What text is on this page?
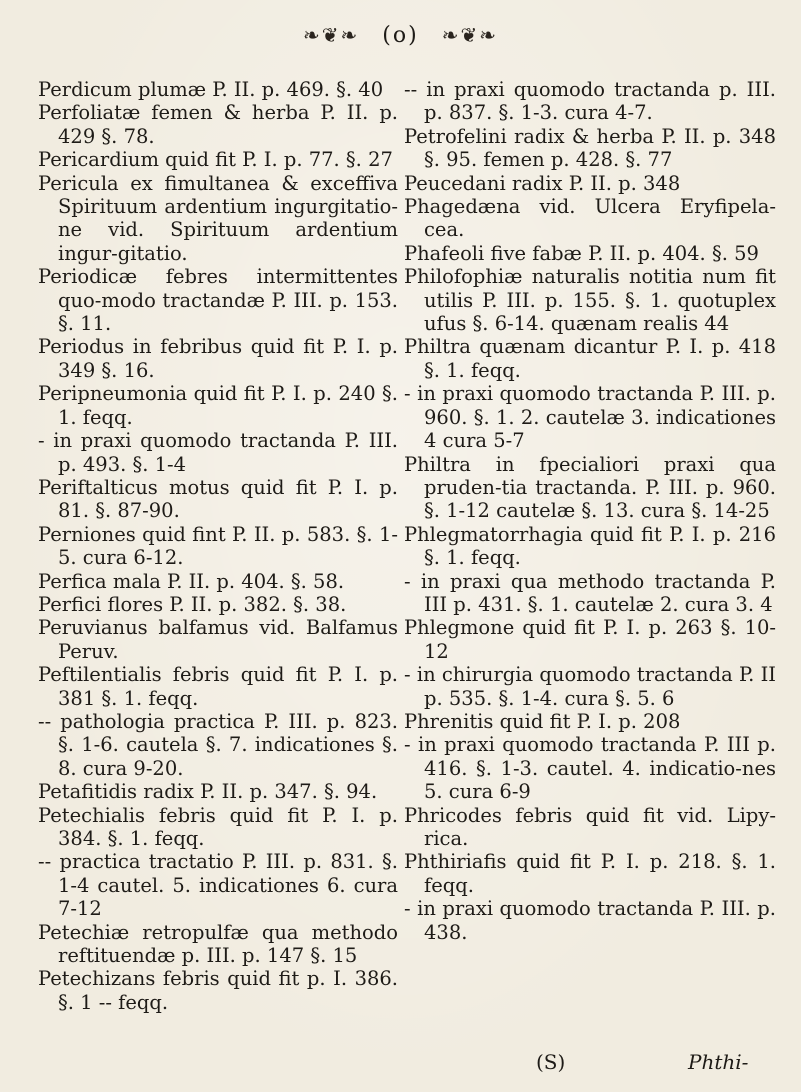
❧❦❧ (o) ❧❦❧

Perdicum plumæ P. II. p. 469. §. 40

Perfoliatæ femen & herba P. II. p. 429 §. 78.

Pericardium quid fit P. I. p. 77. §. 27

Pericula ex fimultanea & exceffiva Spirituum ardentium ingurgitatio-ne vid. Spirituum ardentium ingur-gitatio.

Periodicæ febres intermittentes quo-modo tractandæ P. III. p. 153. §. 11.

Periodus in febribus quid fit P. I. p. 349 §. 16.

Peripneumonia quid fit P. I. p. 240 §. 1. feqq.

- in praxi quomodo tractanda P. III. p. 493. §. 1-4

Periftalticus motus quid fit P. I. p. 81. §. 87-90.

Perniones quid fint P. II. p. 583. §. 1-5. cura 6-12.

Perfica mala P. II. p. 404. §. 58.

Perfici flores P. II. p. 382. §. 38.

Peruvianus balfamus vid. Balfamus Peruv.

Peftilentialis febris quid fit P. I. p. 381 §. 1. feqq.

-- pathologia practica P. III. p. 823. §. 1-6. cautela §. 7. indicationes §. 8. cura 9-20.

Petafitidis radix P. II. p. 347. §. 94.

Petechialis febris quid fit P. I. p. 384. §. 1. feqq.

-- practica tractatio P. III. p. 831. §. 1-4 cautel. 5. indicationes 6. cura 7-12

Petechiæ retropulfæ qua methodo reftituendæ p. III. p. 147 §. 15

Petechizans febris quid fit p. I. 386. §. 1 -- feqq.

-- in praxi quomodo tractanda p. III. p. 837. §. 1-3. cura 4-7.

Petrofelini radix & herba P. II. p. 348 §. 95. femen p. 428. §. 77

Peucedani radix P. II. p. 348

Phagedæna vid. Ulcera Eryfipela-cea.

Phafeoli five fabæ P. II. p. 404. §. 59

Philofophiæ naturalis notitia num fit utilis P. III. p. 155. §. 1. quotuplex ufus §. 6-14. quænam realis 44

Philtra quænam dicantur P. I. p. 418 §. 1. feqq.

- in praxi quomodo tractanda P. III. p. 960. §. 1. 2. cautelæ 3. indicationes 4 cura 5-7

Philtra in fpecialiori praxi qua pruden-tia tractanda. P. III. p. 960. §. 1-12 cautelæ §. 13. cura §. 14-25

Phlegmatorrhagia quid fit P. I. p. 216 §. 1. feqq.

- in praxi qua methodo tractanda P. III p. 431. §. 1. cautelæ 2. cura 3. 4

Phlegmone quid fit P. I. p. 263 §. 10-12

- in chirurgia quomodo tractanda P. II p. 535. §. 1-4. cura §. 5. 6

Phrenitis quid fit P. I. p. 208

- in praxi quomodo tractanda P. III p. 416. §. 1-3. cautel. 4. indicatio-nes 5. cura 6-9

Phricodes febris quid fit vid. Lipy-rica.

Phthiriafis quid fit P. I. p. 218. §. 1. feqq.

- in praxi quomodo tractanda P. III. p. 438.

(S)	Phthi-
